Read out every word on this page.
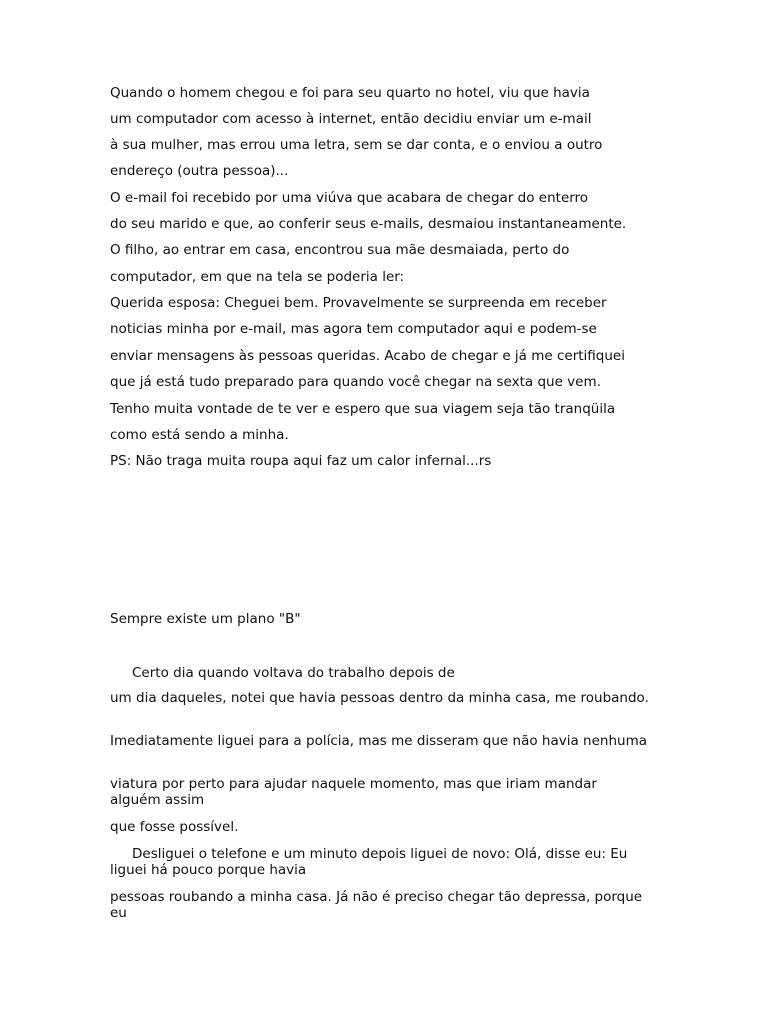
Quando o homem chegou e foi para seu quarto no hotel, viu que havia

um computador com acesso à internet, então decidiu enviar um e-mail

à sua mulher, mas errou uma letra, sem se dar conta, e o enviou a outro

endereço (outra pessoa)...

O e-mail foi recebido por uma viúva que acabara de chegar do enterro

do seu marido e que, ao conferir seus e-mails, desmaiou instantaneamente.

O filho, ao entrar em casa, encontrou sua mãe desmaiada, perto do

computador, em que na tela se poderia ler:

Querida esposa: Cheguei bem. Provavelmente se surpreenda em receber

noticias minha por e-mail, mas agora tem computador aqui e podem-se

enviar mensagens às pessoas queridas. Acabo de chegar e já me certifiquei

que já está tudo preparado para quando você chegar na sexta que vem.

Tenho muita vontade de te ver e espero que sua viagem seja tão tranqüila

como está sendo a minha.

PS: Não traga muita roupa aqui faz um calor infernal...rs

Sempre existe um plano "B"

Certo dia quando voltava do trabalho depois de

um dia daqueles, notei que havia pessoas dentro da minha casa, me roubando.

Imediatamente liguei para a polícia, mas me disseram que não havia nenhuma

viatura por perto para ajudar naquele momento, mas que iriam mandar alguém assim

que fosse possível.

Desliguei o telefone e um minuto depois liguei de novo: Olá, disse eu: Eu liguei há pouco porque havia

pessoas roubando a minha casa. Já não é preciso chegar tão depressa, porque eu
